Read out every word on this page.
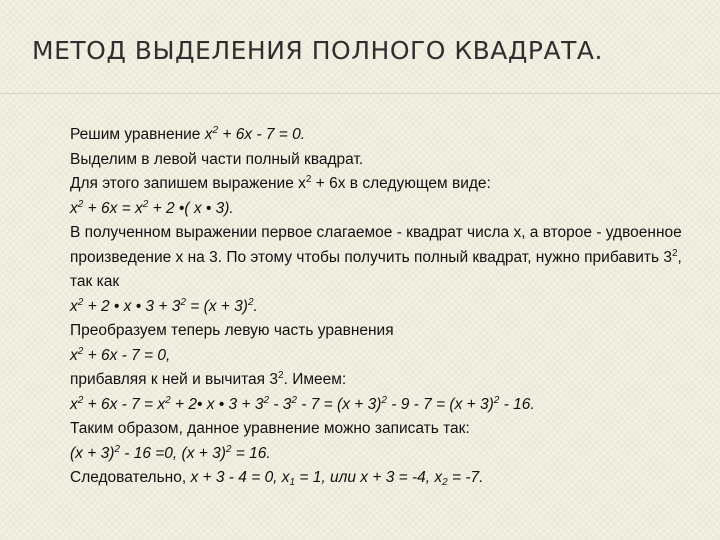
МЕТОД ВЫДЕЛЕНИЯ ПОЛНОГО КВАДРАТА.

Решим уравнение $х^2 + 6х - 7 = 0$.

Выделим в левой части полный квадрат.

Для этого запишем выражение $х^2 + 6х$ в следующем виде:

$х^2 + 6х = х^2 + 2$ •( х • 3).

В полученном выражении первое слагаемое - квадрат числа х, а второе - удвоенное произведение х на 3. По этому чтобы получить полный квадрат, нужно прибавить $3^2$, так как

$х^2 + 2$ • х • $3 + 3^2 = (х + 3)^2$.

Преобразуем теперь левую часть уравнения

$х^2 + 6х - 7 = 0$,

прибавляя к ней и вычитая $3^2$. Имеем:

$х^2 + 6х - 7 = х^2$ + 2• х • $3 + 3^2 - 3^2 - 7 = (х + 3)^2 - 9 - 7 = (х + 3)^2 - 16$.

Таким образом, данное уравнение можно записать так:

$(х + 3)^2 - 16 =0$, $(х + 3)^2 = 16$.

Следовательно, х + 3 - 4 = 0, $х_1 = 1$, или х + 3 = -4, $х_2 = -7$.
